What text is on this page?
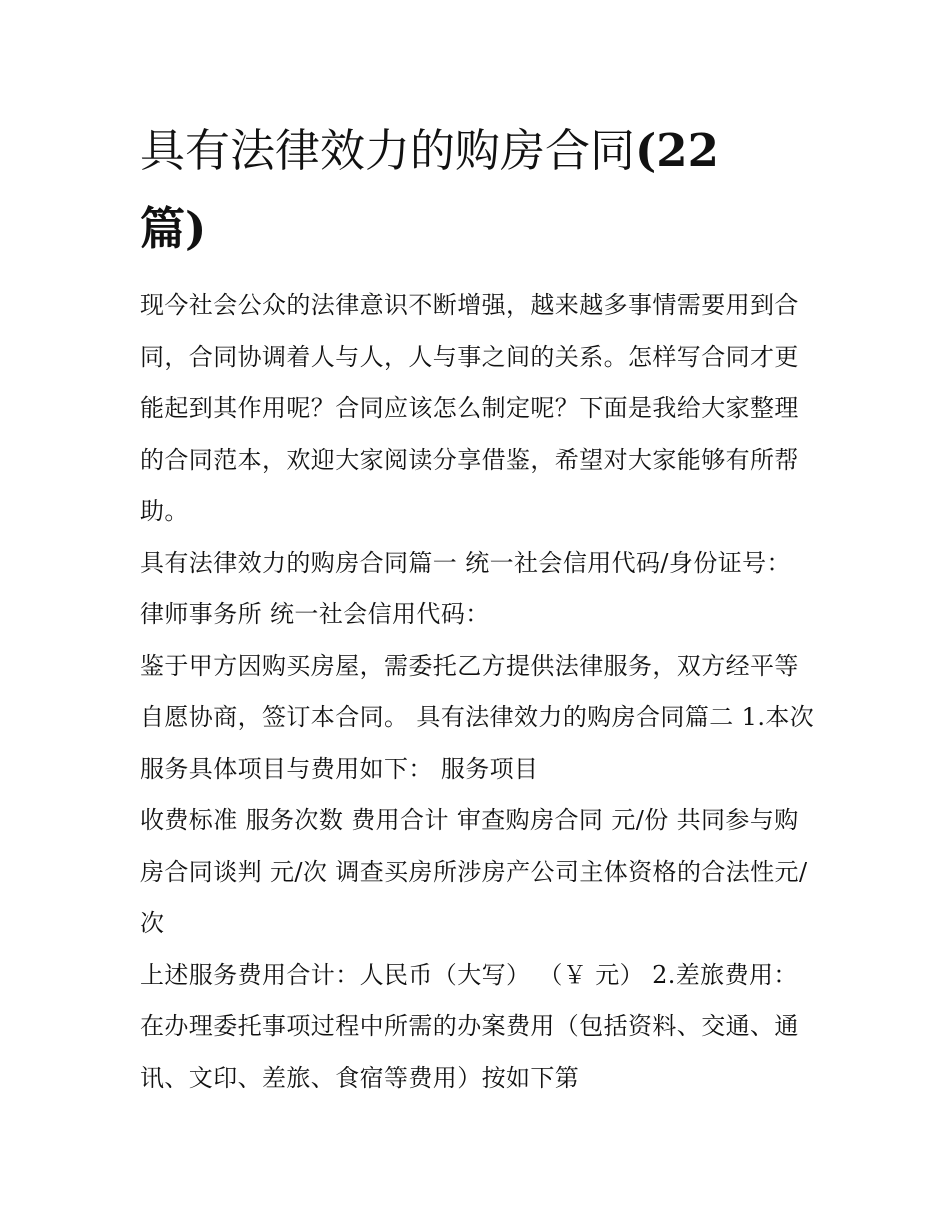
具有法律效力的购房合同(22
篇)

现今社会公众的法律意识不断增强，越来越多事情需要用到合同，合同协调着人与人，人与事之间的关系。怎样写合同才更能起到其作用呢？合同应该怎么制定呢？下面是我给大家整理的合同范本，欢迎大家阅读分享借鉴，希望对大家能够有所帮助。

具有法律效力的购房合同篇一 统一社会信用代码/身份证号：

律师事务所 统一社会信用代码：

鉴于甲方因购买房屋，需委托乙方提供法律服务，双方经平等自愿协商，签订本合同。 具有法律效力的购房合同篇二 1.本次服务具体项目与费用如下： 服务项目

收费标准 服务次数 费用合计 审查购房合同 元/份 共同参与购房合同谈判 元/次 调查买房所涉房产公司主体资格的合法性元/次

上述服务费用合计：人民币（大写） （￥ 元） 2.差旅费用：在办理委托事项过程中所需的办案费用（包括资料、交通、通讯、文印、差旅、食宿等费用）按如下第
